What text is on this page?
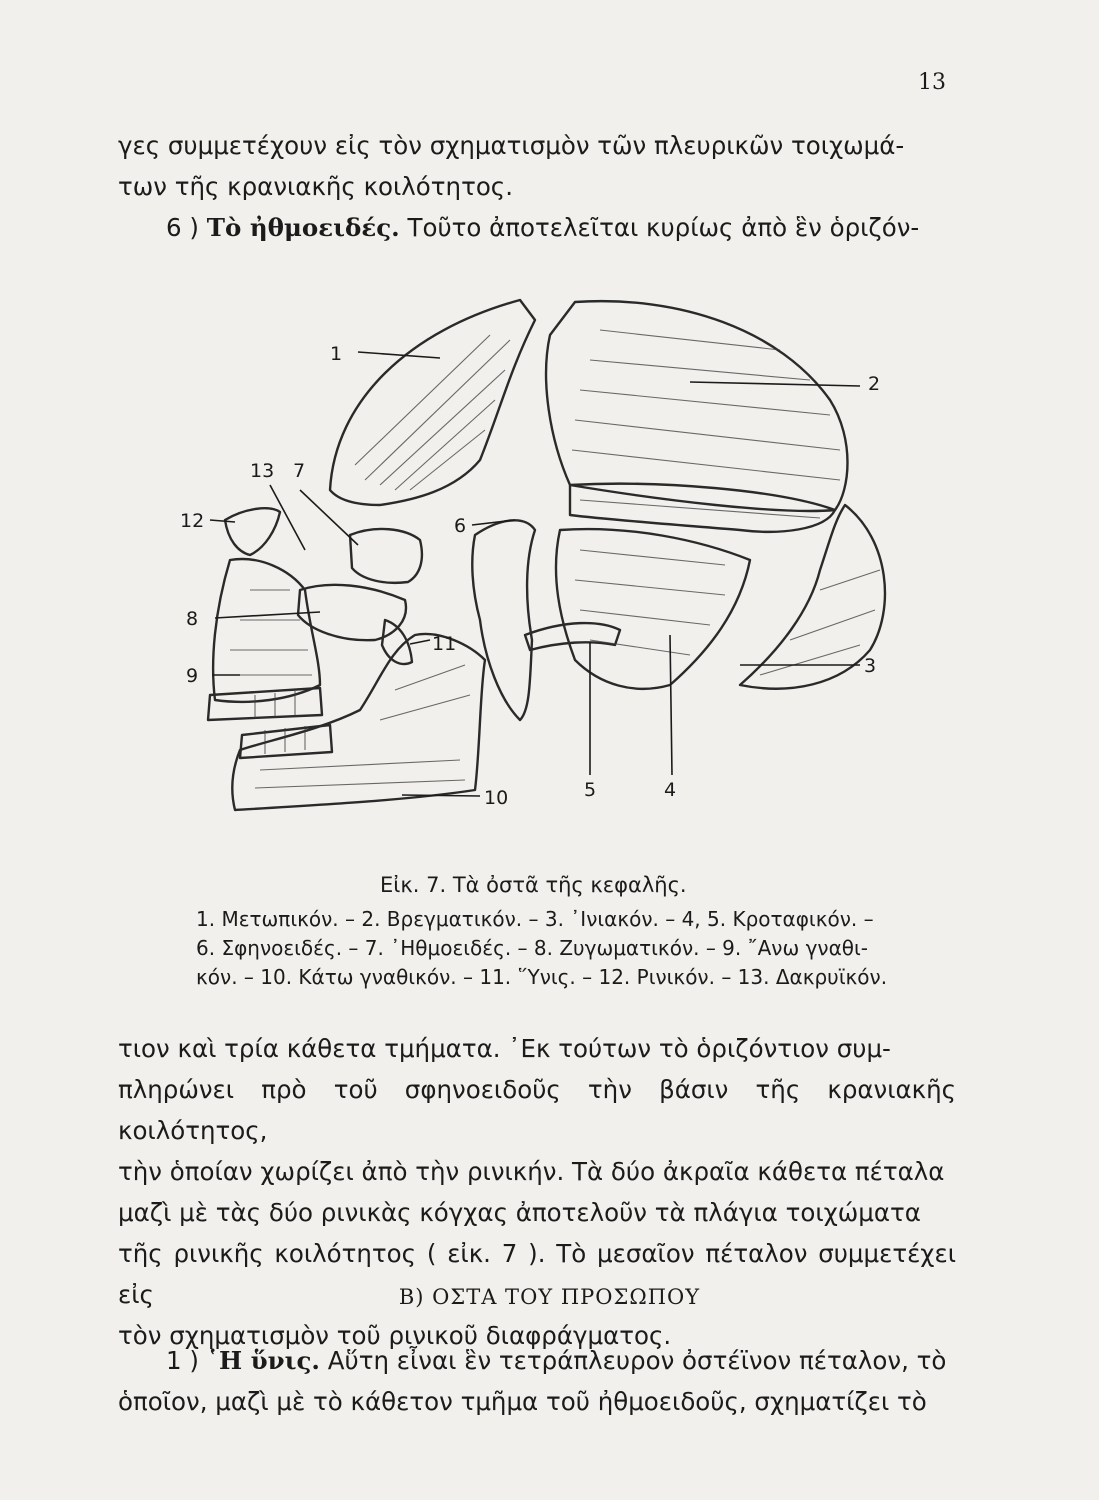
13

γες συμμετέχουν εἰς τὸν σχηματισμὸν τῶν πλευρικῶν τοιχωμά-

των τῆς κρανιακῆς κοιλότητος.

6 ) Τὸ ἠθμοειδές. Τοῦτο ἀποτελεῖται κυρίως ἀπὸ ἓν ὁριζόν-

1
2
3
4
5
6
7
13
12
8
9
11
10
Εἰκ. 7. Τὰ ὀστᾶ τῆς κεφαλῆς.
1. Μετωπικόν. – 2. Βρεγματικόν. – 3. ᾿Ινιακόν. – 4, 5. Κροταφικόν. –
6. Σφηνοειδές. – 7. ᾿Ηθμοειδές. – 8. Ζυγωματικόν. – 9. ῎Ανω γναθι-
κόν. – 10. Κάτω γναθικόν. – 11. ῞Υνις. – 12. Ρινικόν. – 13. Δακρυϊκόν.

τιον καὶ τρία κάθετα τμήματα. ᾿Εκ τούτων τὸ ὁριζόντιον συμ-

πληρώνει πρὸ τοῦ σφηνοειδοῦς τὴν βάσιν τῆς κρανιακῆς κοιλότητος,

τὴν ὁποίαν χωρίζει ἀπὸ τὴν ρινικήν. Τὰ δύο ἀκραῖα κάθετα πέταλα

μαζὶ μὲ τὰς δύο ρινικὰς κόγχας ἀποτελοῦν τὰ πλάγια τοιχώματα

τῆς ρινικῆς κοιλότητος ( εἰκ. 7 ). Τὸ μεσαῖον πέταλον συμμετέχει εἰς

τὸν σχηματισμὸν τοῦ ρινικοῦ διαφράγματος.

Β) ΟΣΤΑ ΤΟΥ ΠΡΟΣΩΠΟΥ

1 ) ῾Η ὕνις. Αὕτη εἶναι ἓν τετράπλευρον ὀστέϊνον πέταλον, τὸ

ὁποῖον, μαζὶ μὲ τὸ κάθετον τμῆμα τοῦ ἠθμοειδοῦς, σχηματίζει τὸ
